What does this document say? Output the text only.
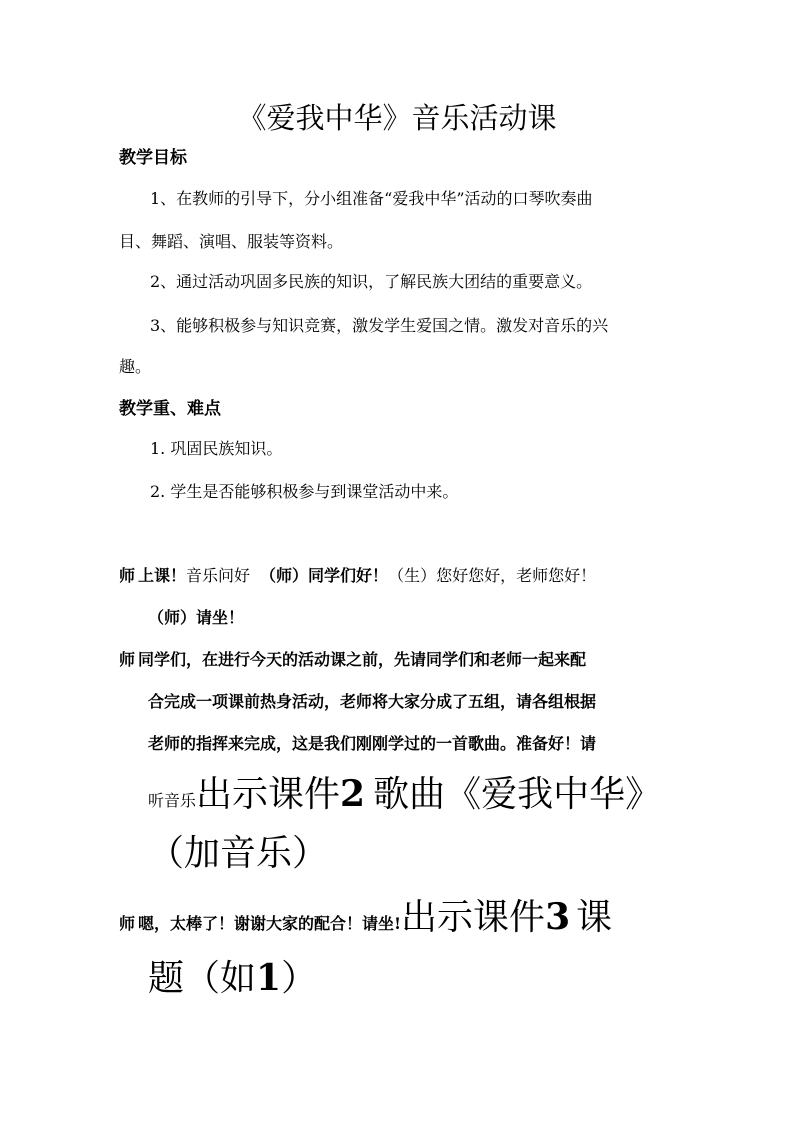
《爱我中华》音乐活动课
教学目标
1、在教师的引导下，分小组准备“爱我中华”活动的口琴吹奏曲
目、舞蹈、演唱、服装等资料。
2、通过活动巩固多民族的知识，了解民族大团结的重要意义。
3、能够积极参与知识竞赛，激发学生爱国之情。激发对音乐的兴
趣。
教学重、难点
1. 巩固民族知识。
2. 学生是否能够积极参与到课堂活动中来。
师 上课！音乐问好 （师）同学们好！（生）您好您好，老师您好！
（师）请坐！
师 同学们，在进行今天的活动课之前，先请同学们和老师一起来配
合完成一项课前热身活动，老师将大家分成了五组，请各组根据
老师的指挥来完成，这是我们刚刚学过的一首歌曲。准备好！请
听音乐出示课件2 歌曲《爱我中华》
（加音乐）
师 嗯，太棒了！谢谢大家的配合！请坐!出示课件3 课
题（如1）
